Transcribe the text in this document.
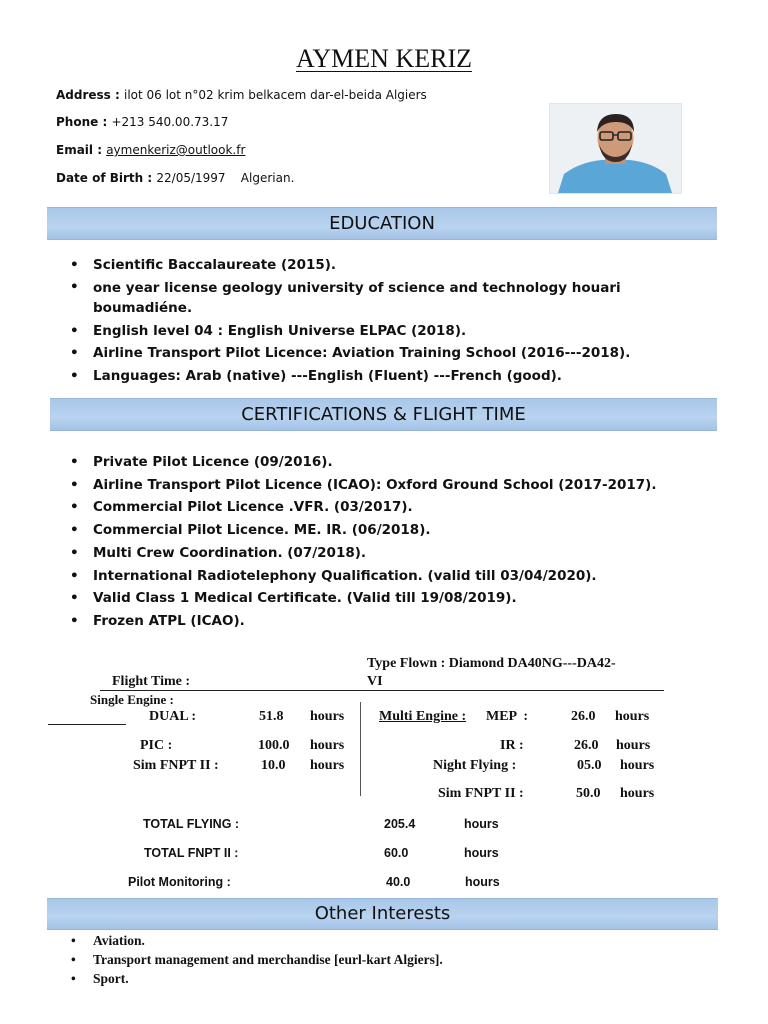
AYMEN KERIZ
Address : ilot 06 lot n°02 krim belkacem dar-el-beida Algiers
Phone : +213 540.00.73.17
Email : aymenkeriz@outlook.fr
Date of Birth : 22/05/1997    Algerian.
EDUCATION
• Scientific Baccalaureate (2015).
• one year license geology university of science and technology houari boumadiéne.
• English level 04 : English Universe ELPAC (2018).
• Airline Transport Pilot Licence: Aviation Training School (2016---2018).
• Languages: Arab (native) ---English (Fluent) ---French (good).
CERTIFICATIONS & FLIGHT TIME
• Private Pilot Licence (09/2016).
• Airline Transport Pilot Licence (ICAO): Oxford Ground School (2017-2017).
• Commercial Pilot Licence .VFR. (03/2017).
• Commercial Pilot Licence. ME. IR. (06/2018).
• Multi Crew Coordination. (07/2018).
• International Radiotelephony Qualification. (valid till 03/04/2020).
• Valid Class 1 Medical Certificate. (Valid till 19/08/2019).
• Frozen ATPL (ICAO).
Flight Time :
Type Flown : Diamond DA40NG---DA42-
VI
Single Engine :
DUAL :	51.8 hours
PIC :	100.0 hours
Sim FNPT II :	10.0 hours
Multi Engine : MEP  :	26.0 hours
IR :	26.0 hours
Night Flying :	05.0 hours
Sim FNPT II :	50.0 hours
TOTAL FLYING :	205.4	hours
TOTAL FNPT II :	60.0	hours
Pilot Monitoring :	40.0	hours
Other Interests
• Aviation.
• Transport management and merchandise [eurl-kart Algiers].
• Sport.
